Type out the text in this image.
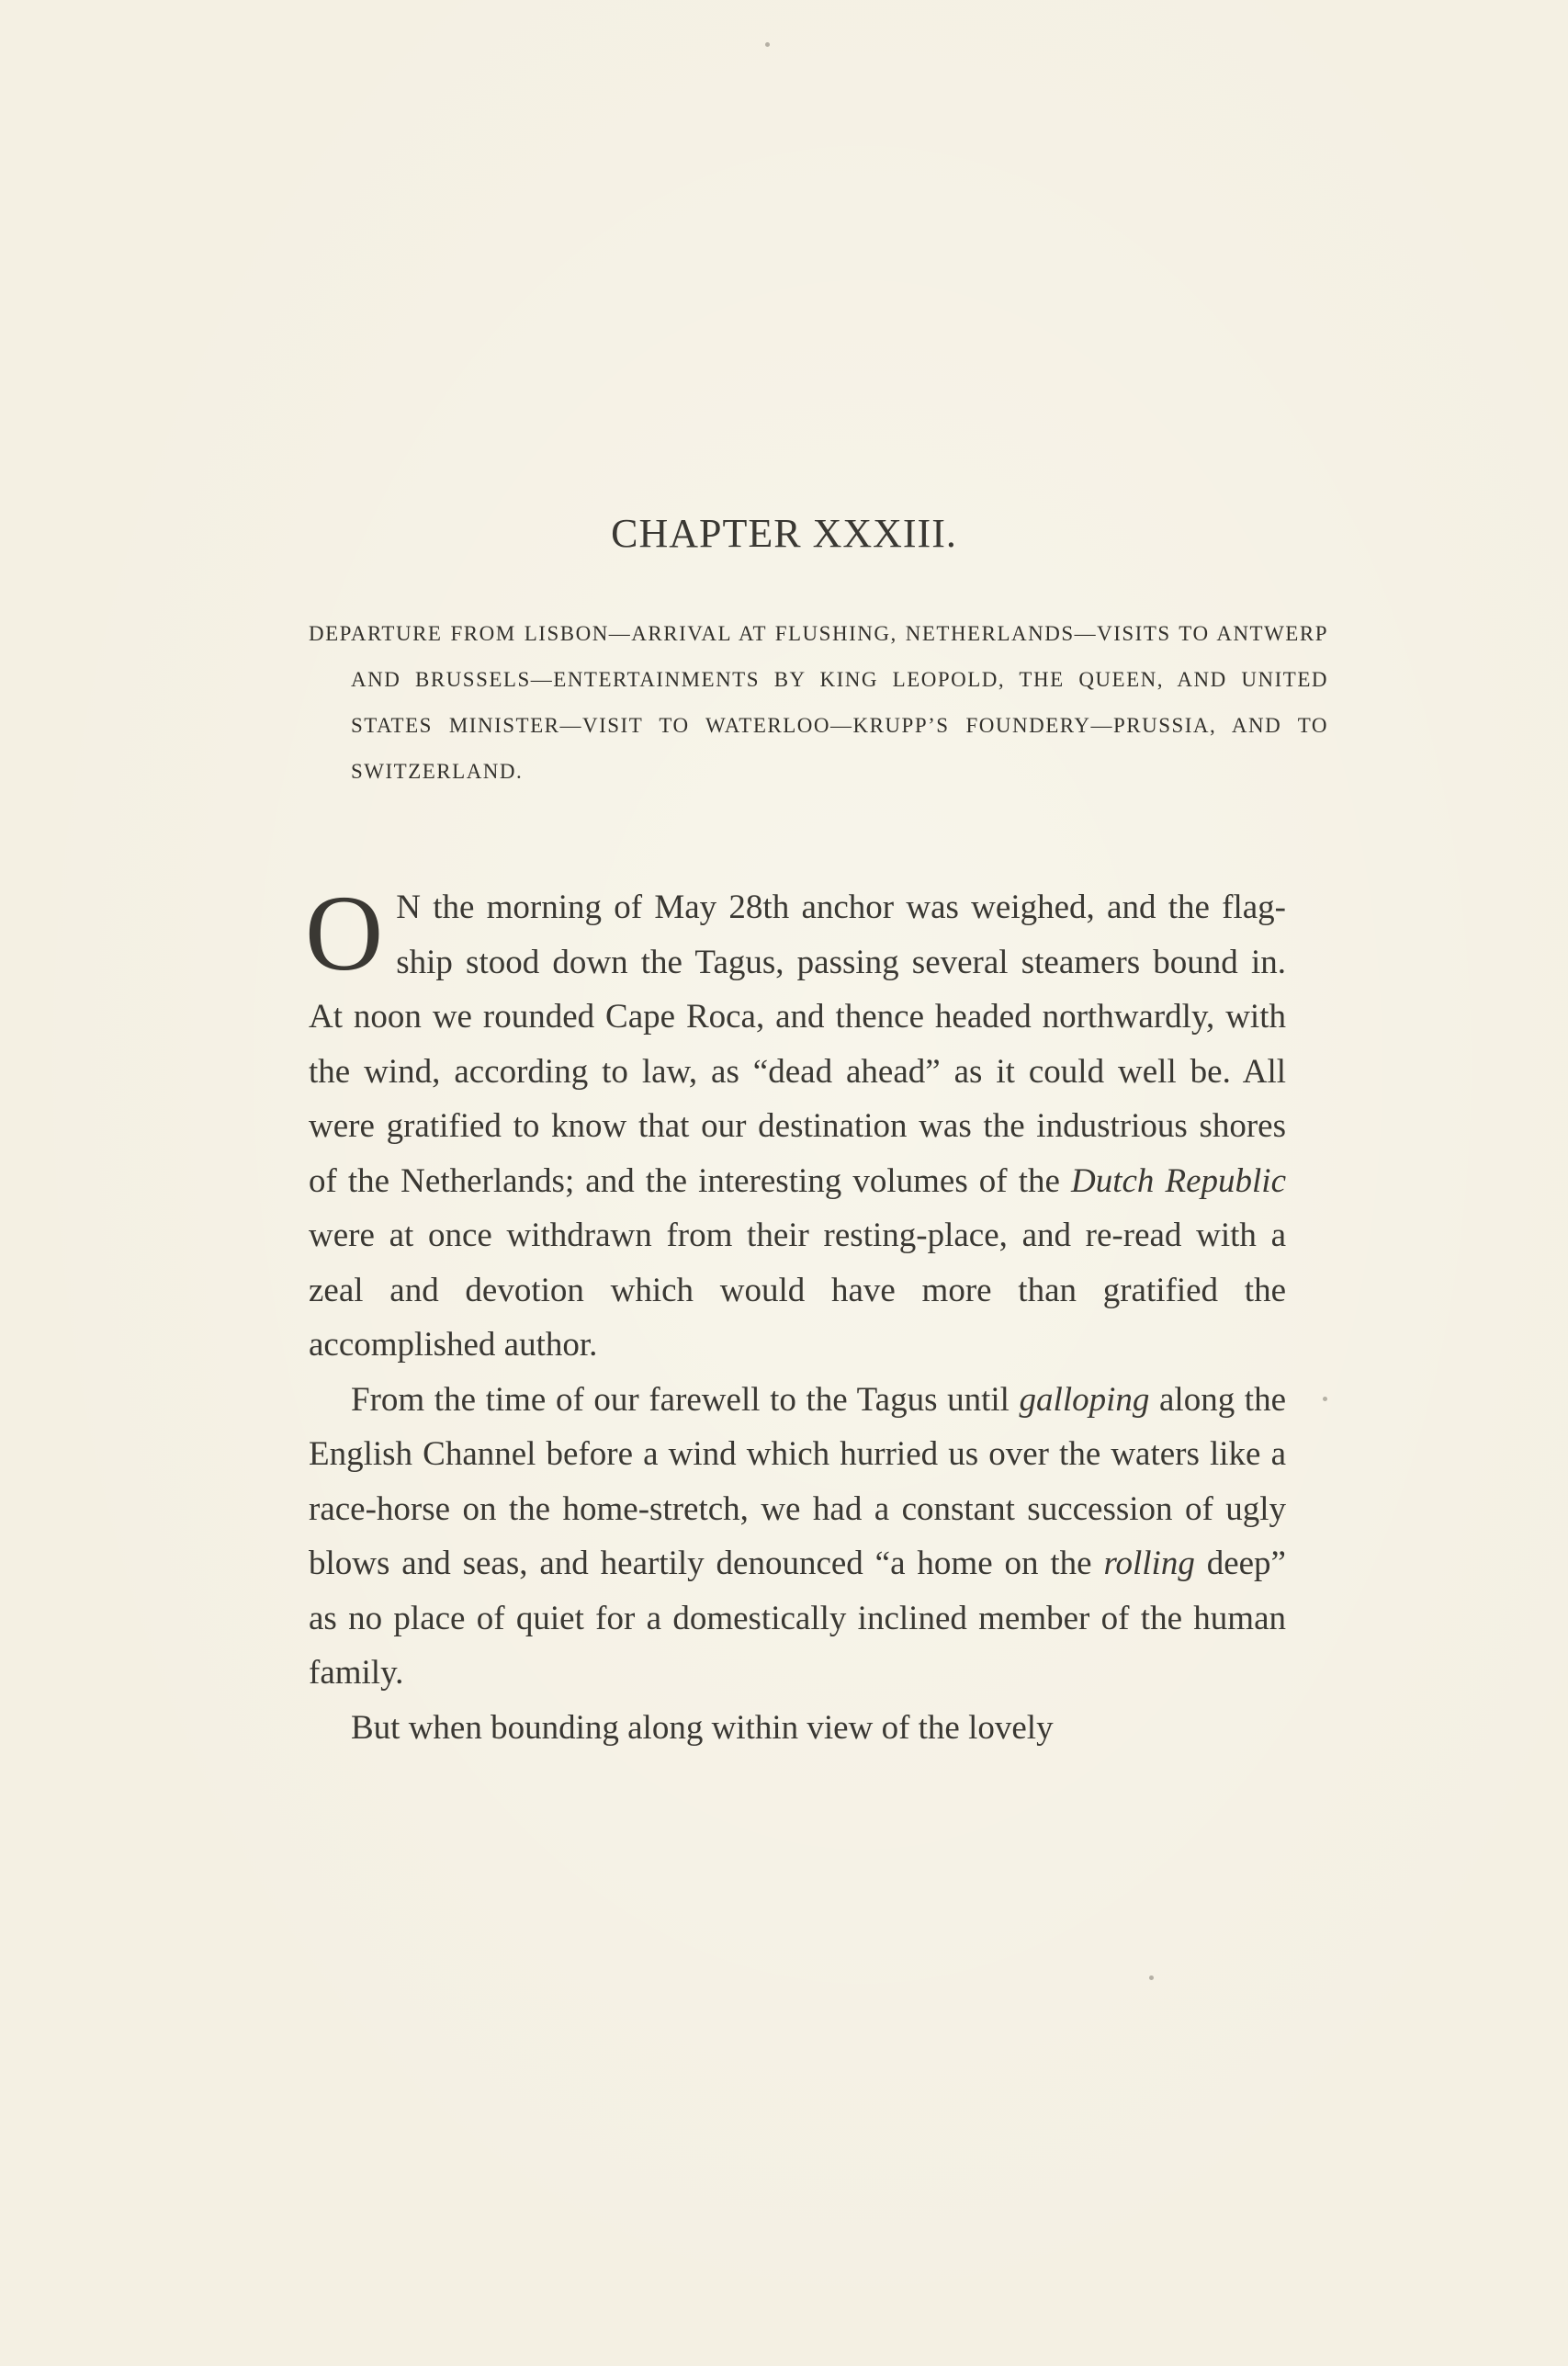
CHAPTER XXXIII.

DEPARTURE FROM LISBON—ARRIVAL AT FLUSHING, NETHERLANDS—VISITS TO ANTWERP AND BRUSSELS—ENTERTAINMENTS BY KING LEOPOLD, THE QUEEN, AND UNITED STATES MINISTER—VISIT TO WATERLOO—KRUPP’S FOUNDERY—PRUSSIA, AND TO SWITZERLAND.

O N the morning of May 28th anchor was weighed, and the flag-ship stood down the Tagus, passing several steamers bound in. At noon we rounded Cape Roca, and thence headed northwardly, with the wind, according to law, as “dead ahead” as it could well be. All were gratified to know that our destination was the industrious shores of the Netherlands; and the interesting volumes of the Dutch Republic were at once withdrawn from their resting-place, and re-read with a zeal and devotion which would have more than gratified the accomplished author.

From the time of our farewell to the Tagus until galloping along the English Channel before a wind which hurried us over the waters like a race-horse on the home-stretch, we had a constant succession of ugly blows and seas, and heartily denounced “a home on the rolling deep” as no place of quiet for a domestically inclined member of the human family.

But when bounding along within view of the lovely
